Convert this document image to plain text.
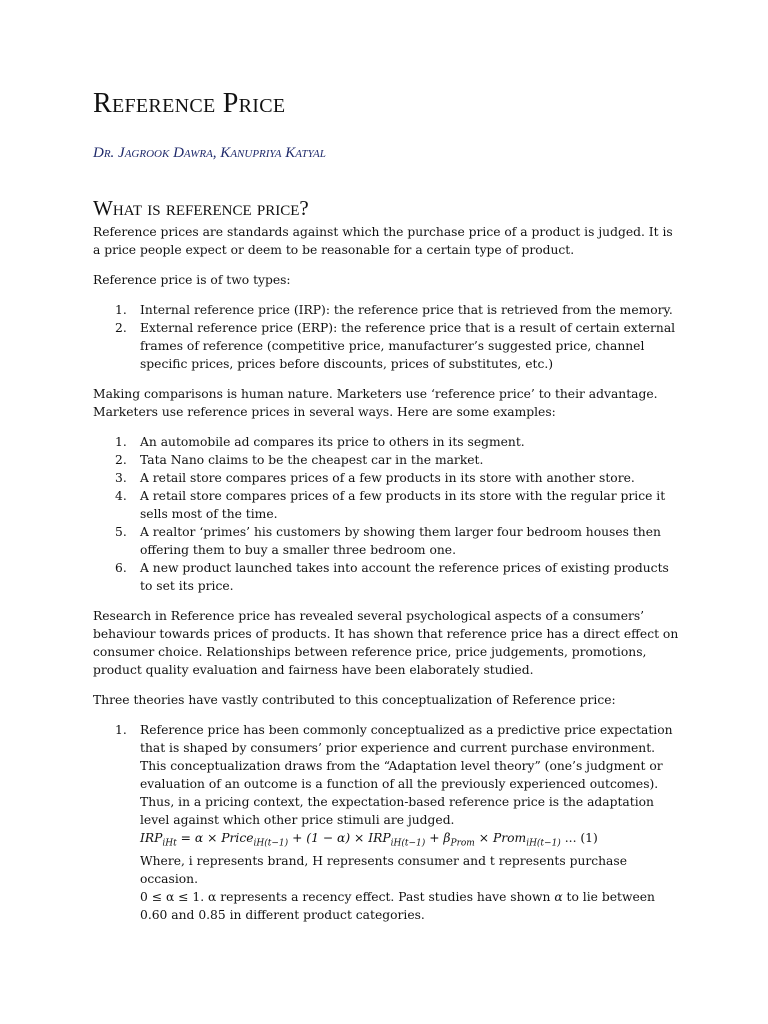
Reference Price
Dr. Jagrook Dawra, Kanupriya Katyal
What is reference price?

Reference prices are standards against which the purchase price of a product is judged. It is a price people expect or deem to be reasonable for a certain type of product.

Reference price is of two types:

1. Internal reference price (IRP): the reference price that is retrieved from the memory.
2. External reference price (ERP): the reference price that is a result of certain external frames of reference (competitive price, manufacturer’s suggested price, channel specific prices, prices before discounts, prices of substitutes, etc.)

Making comparisons is human nature. Marketers use ‘reference price’ to their advantage. Marketers use reference prices in several ways. Here are some examples:

1. An automobile ad compares its price to others in its segment.
2. Tata Nano claims to be the cheapest car in the market.
3. A retail store compares prices of a few products in its store with another store.
4. A retail store compares prices of a few products in its store with the regular price it sells most of the time.
5. A realtor ‘primes’ his customers by showing them larger four bedroom houses then offering them to buy a smaller three bedroom one.
6. A new product launched takes into account the reference prices of existing products to set its price.

Research in Reference price has revealed several psychological aspects of a consumers’ behaviour towards prices of products. It has shown that reference price has a direct effect on consumer choice. Relationships between reference price, price judgements, promotions, product quality evaluation and fairness have been elaborately studied.

Three theories have vastly contributed to this conceptualization of Reference price:

1. Reference price has been commonly conceptualized as a predictive price expectation that is shaped by consumers’ prior experience and current purchase environment. This conceptualization draws from the “Adaptation level theory” (one’s judgment or evaluation of an outcome is a function of all the previously experienced outcomes). Thus, in a pricing context, the expectation-based reference price is the adaptation level against which other price stimuli are judged.
$IRP_{iHt} = \alpha$ × Price$_{iH(t-1)}$ + $(1 - \alpha) \times IRP_{iH(t-1)} + \beta_{Prom}$ × Prom$_{iH(t-1)}$ ... (1)
Where, i represents brand, H represents consumer and t represents purchase occasion.
0 ≤ α ≤ 1. α represents a recency effect. Past studies have shown α to lie between 0.60 and 0.85 in different product categories.
